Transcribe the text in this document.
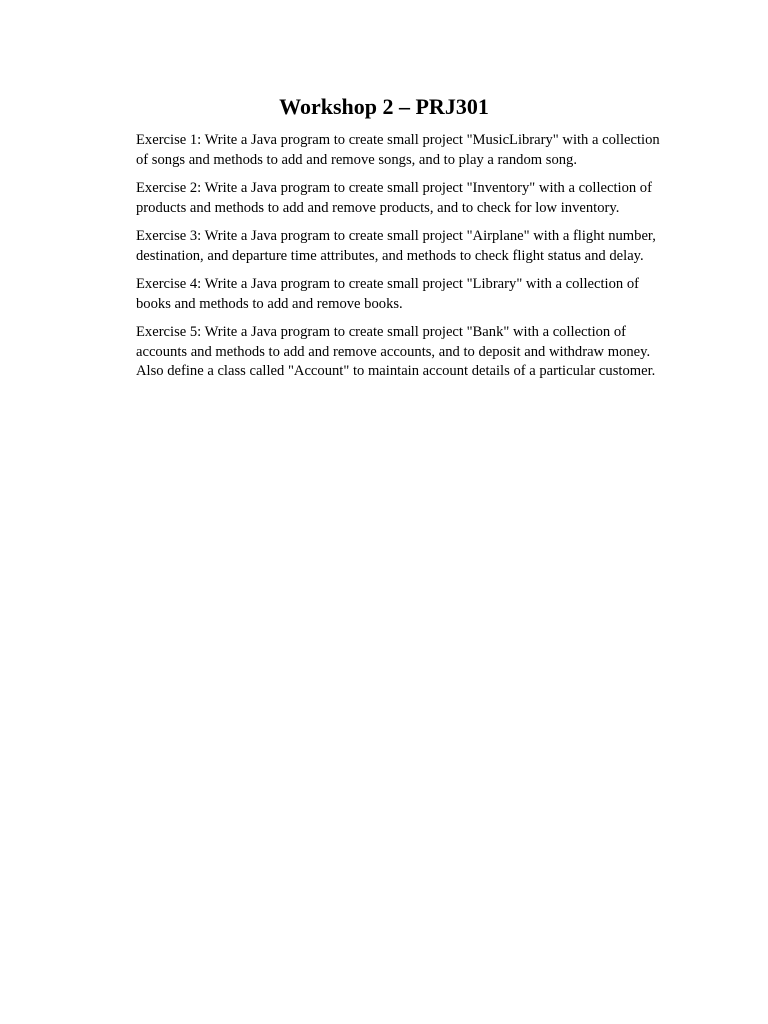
Workshop 2 – PRJ301
Exercise 1: Write a Java program to create small project "MusicLibrary" with a collection
of songs and methods to add and remove songs, and to play a random song.
Exercise 2: Write a Java program to create small project "Inventory" with a collection of
products and methods to add and remove products, and to check for low inventory.
Exercise 3: Write a Java program to create small project "Airplane" with a flight number,
destination, and departure time attributes, and methods to check flight status and delay.
Exercise 4: Write a Java program to create small project "Library" with a collection of
books and methods to add and remove books.
Exercise 5: Write a Java program to create small project "Bank" with a collection of
accounts and methods to add and remove accounts, and to deposit and withdraw money.
Also define a class called "Account" to maintain account details of a particular customer.
